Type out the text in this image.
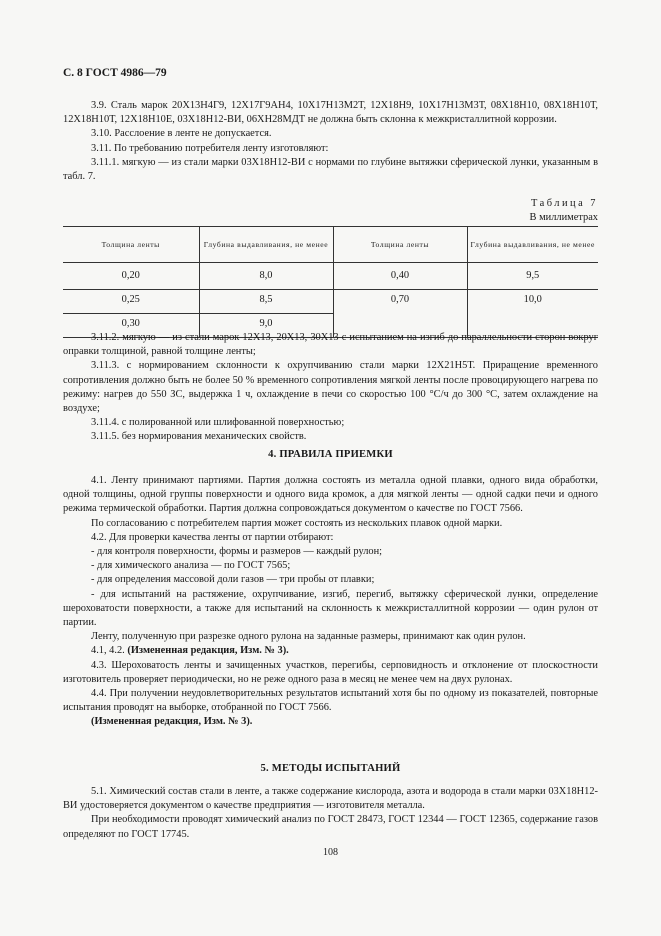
С. 8 ГОСТ 4986—79

3.9. Сталь марок 20Х13Н4Г9, 12Х17Г9АН4, 10Х17Н13М2Т, 12Х18Н9, 10Х17Н13М3Т, 08Х18Н10, 08Х18Н10Т, 12Х18Н10Т, 12Х18Н10Е, 03Х18Н12-ВИ, 06ХН28МДТ не должна быть склонна к межкристаллитной коррозии.

3.10. Расслоение в ленте не допускается.

3.11. По требованию потребителя ленту изготовляют:

3.11.1. мягкую — из стали марки 03Х18Н12-ВИ с нормами по глубине вытяжки сферической лунки, указанным в табл. 7.

Таблица 7
В миллиметрах
Толщина ленты	Глубина выдавливания, не менее	Толщина ленты	Глубина выдавливания, не менее
0,20	8,0	0,40	9,5
0,25	8,5	0,70	10,0
0,30	9,0		

3.11.2. мягкую — из стали марок 12Х13, 20Х13, 30Х13 с испытанием на изгиб до параллельности сторон вокруг оправки толщиной, равной толщине ленты;

3.11.3. с нормированием склонности к охрупчиванию стали марки 12Х21Н5Т. Приращение временного сопротивления должно быть не более 50 % временного сопротивления мягкой ленты после провоцирующего нагрева по режиму: нагрев до 550 ЗС, выдержка 1 ч, охлаждение в печи со скоростью 100 °С/ч до 300 °С, затем охлаждение на воздухе;

3.11.4. с полированной или шлифованной поверхностью;

3.11.5. без нормирования механических свойств.

4. ПРАВИЛА ПРИЕМКИ

4.1. Ленту принимают партиями. Партия должна состоять из металла одной плавки, одного вида обработки, одной толщины, одной группы поверхности и одного вида кромок, а для мягкой ленты — одной садки печи и одного режима термической обработки. Партия должна сопровождаться документом о качестве по ГОСТ 7566.

По согласованию с потребителем партия может состоять из нескольких плавок одной марки.

4.2. Для проверки качества ленты от партии отбирают:

- для контроля поверхности, формы и размеров — каждый рулон;

- для химического анализа — по ГОСТ 7565;

- для определения массовой доли газов — три пробы от плавки;

- для испытаний на растяжение, охрупчивание, изгиб, перегиб, вытяжку сферической лунки, определение шероховатости поверхности, а также для испытаний на склонность к межкристаллитной коррозии — один рулон от партии.

Ленту, полученную при разрезке одного рулона на заданные размеры, принимают как один рулон.

4.1, 4.2. (Измененная редакция, Изм. № 3).

4.3. Шероховатость ленты и зачищенных участков, перегибы, серповидность и отклонение от плоскостности изготовитель проверяет периодически, но не реже одного раза в месяц не менее чем на двух рулонах.

4.4. При получении неудовлетворительных результатов испытаний хотя бы по одному из показателей, повторные испытания проводят на выборке, отобранной по ГОСТ 7566.

(Измененная редакция, Изм. № 3).

5. МЕТОДЫ ИСПЫТАНИЙ

5.1. Химический состав стали в ленте, а также содержание кислорода, азота и водорода в стали марки 03Х18Н12-ВИ удостоверяется документом о качестве предприятия — изготовителя металла.

При необходимости проводят химический анализ по ГОСТ 28473, ГОСТ 12344 — ГОСТ 12365, содержание газов определяют по ГОСТ 17745.

108
